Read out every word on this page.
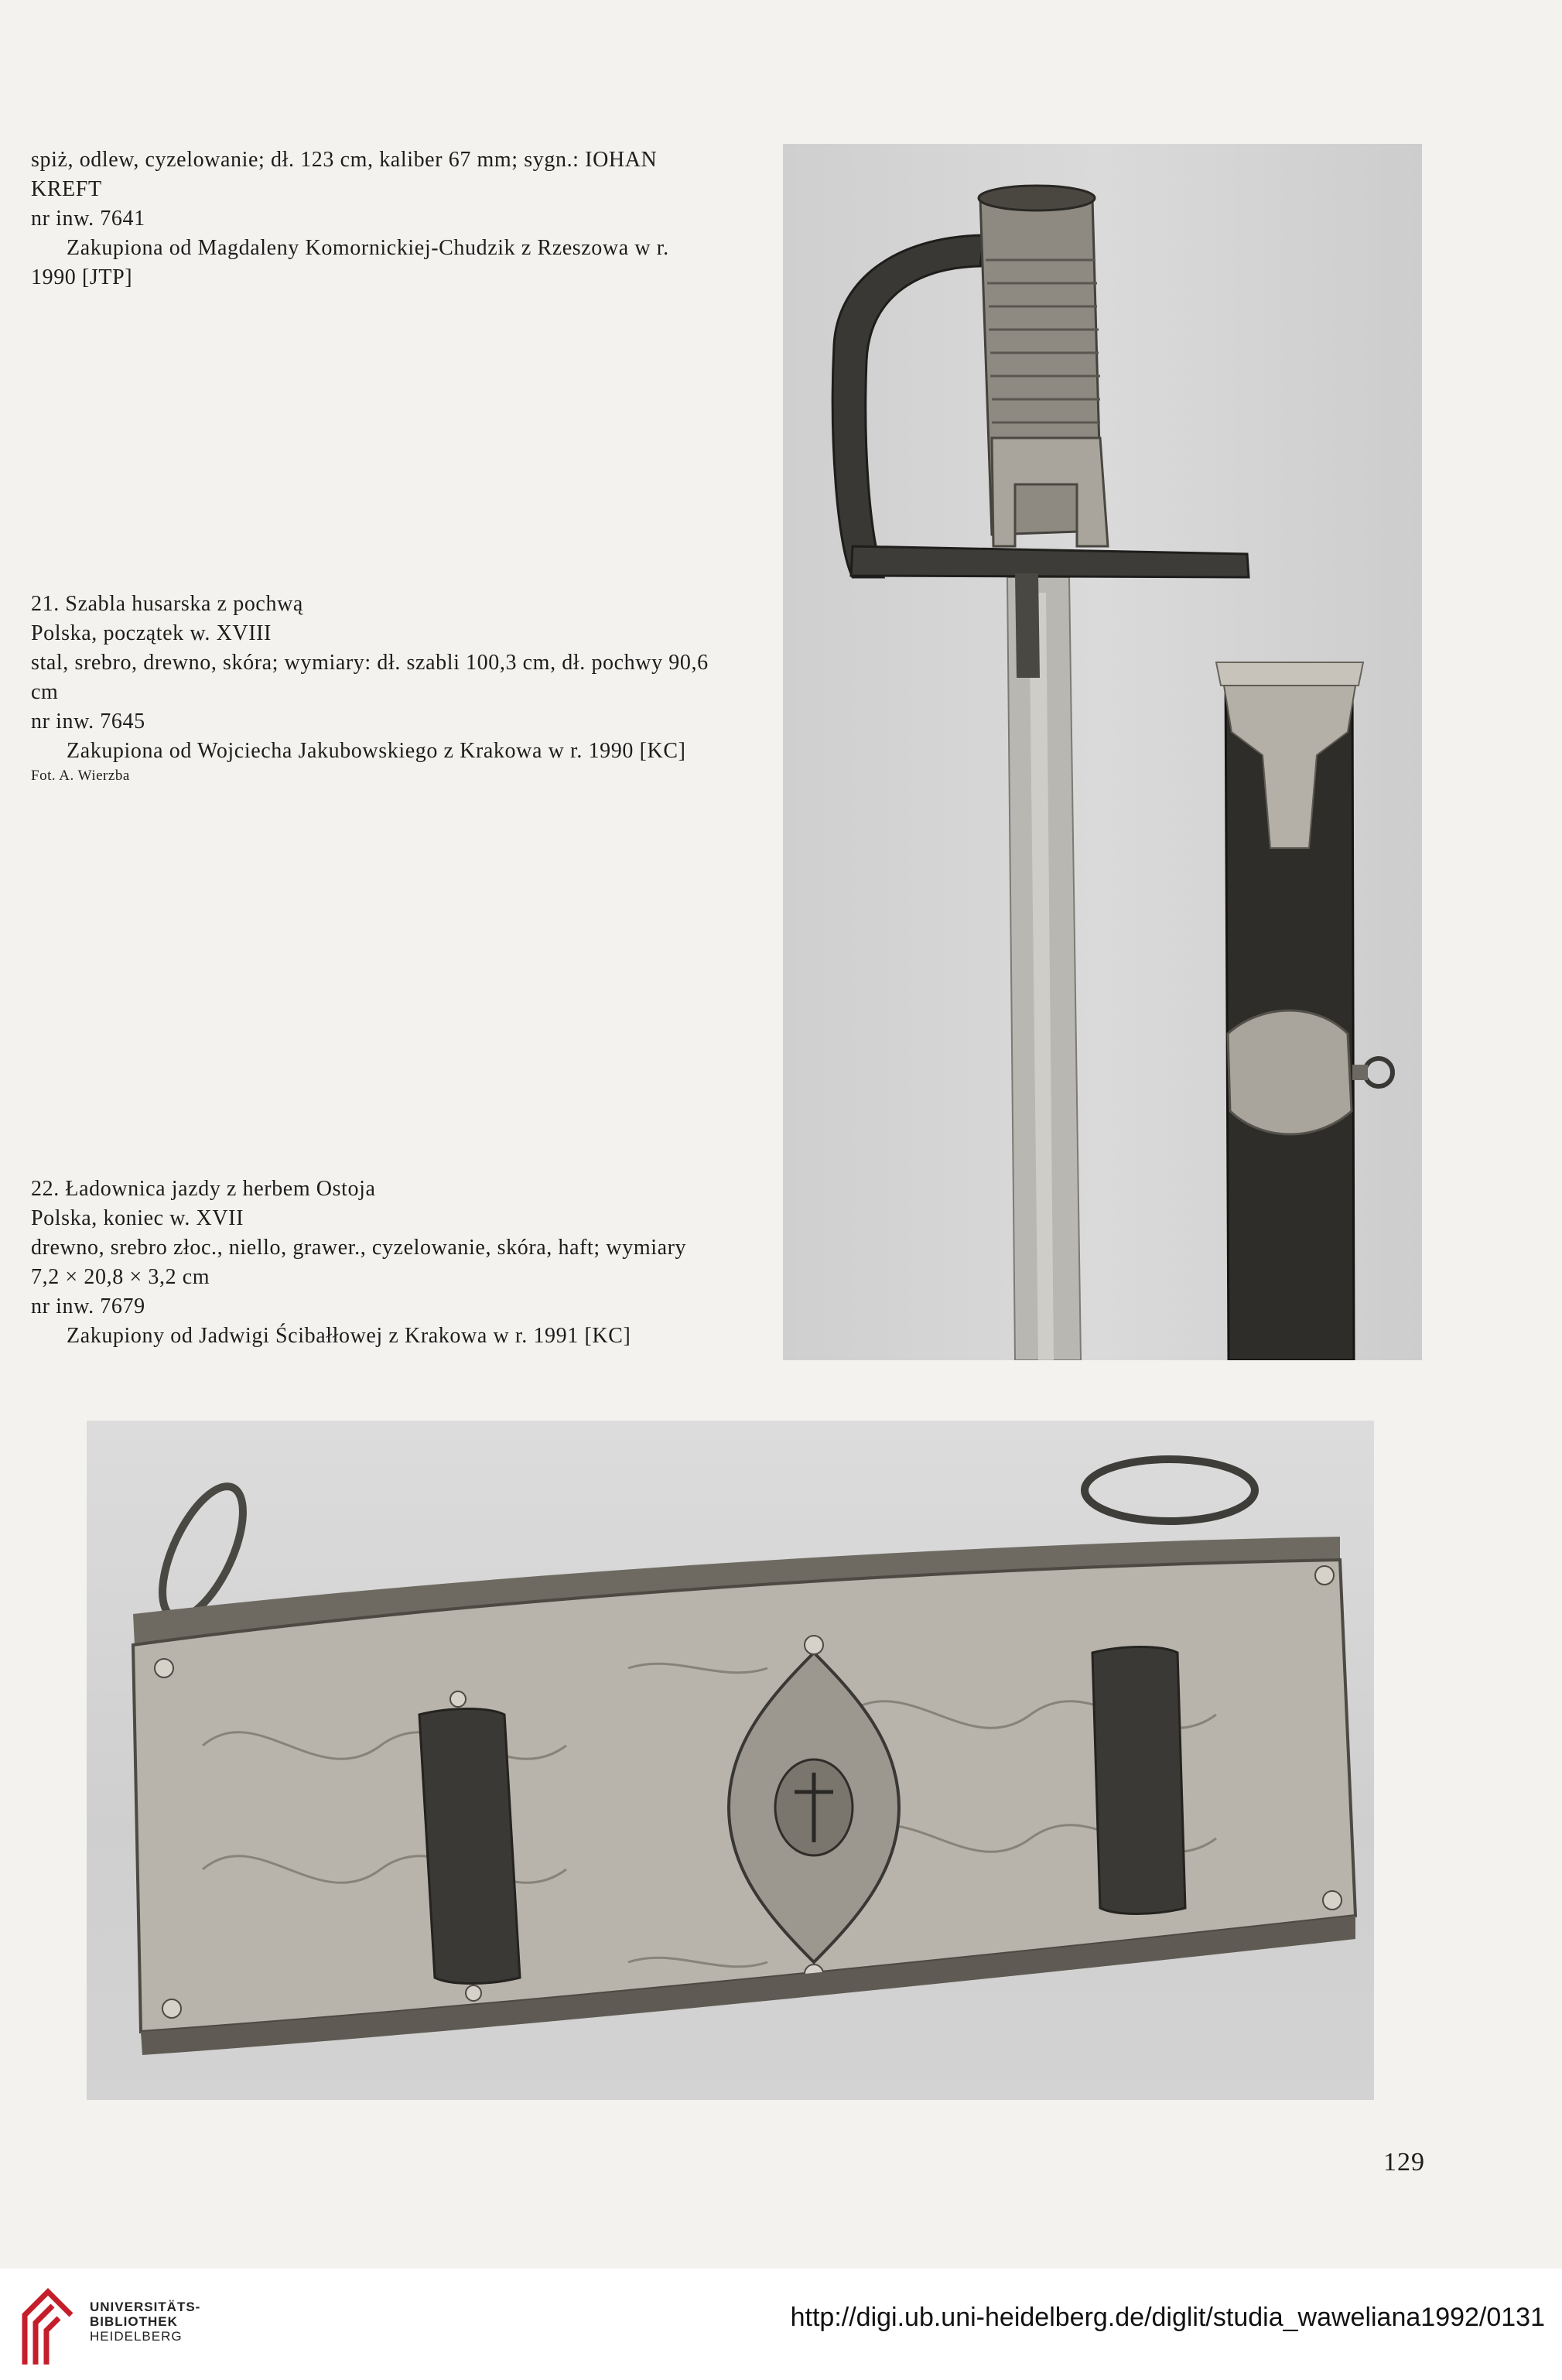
spiż, odlew, cyzelowanie; dł. 123 cm, kaliber 67 mm; sygn.: IOHAN

KREFT

nr inw. 7641

Zakupiona od Magdaleny Komornickiej-Chudzik z Rzeszowa w r. 1990 [JTP]

21. Szabla husarska z pochwą

Polska, początek w. XVIII

stal, srebro, drewno, skóra; wymiary: dł. szabli 100,3 cm, dł. pochwy 90,6 cm

nr inw. 7645

Zakupiona od Wojciecha Jakubowskiego z Krakowa w r. 1990 [KC]

Fot. A. Wierzba

22. Ładownica jazdy z herbem Ostoja

Polska, koniec w. XVII

drewno, srebro złoc., niello, grawer., cyzelowanie, skóra, haft; wymiary 7,2 × 20,8 × 3,2 cm

nr inw. 7679

Zakupiony od Jadwigi Ścibałłowej z Krakowa w r. 1991 [KC]

129
UNIVERSITÄTS-
BIBLIOTHEK
HEIDELBERG
http://digi.ub.uni-heidelberg.de/diglit/studia_waweliana1992/0131
